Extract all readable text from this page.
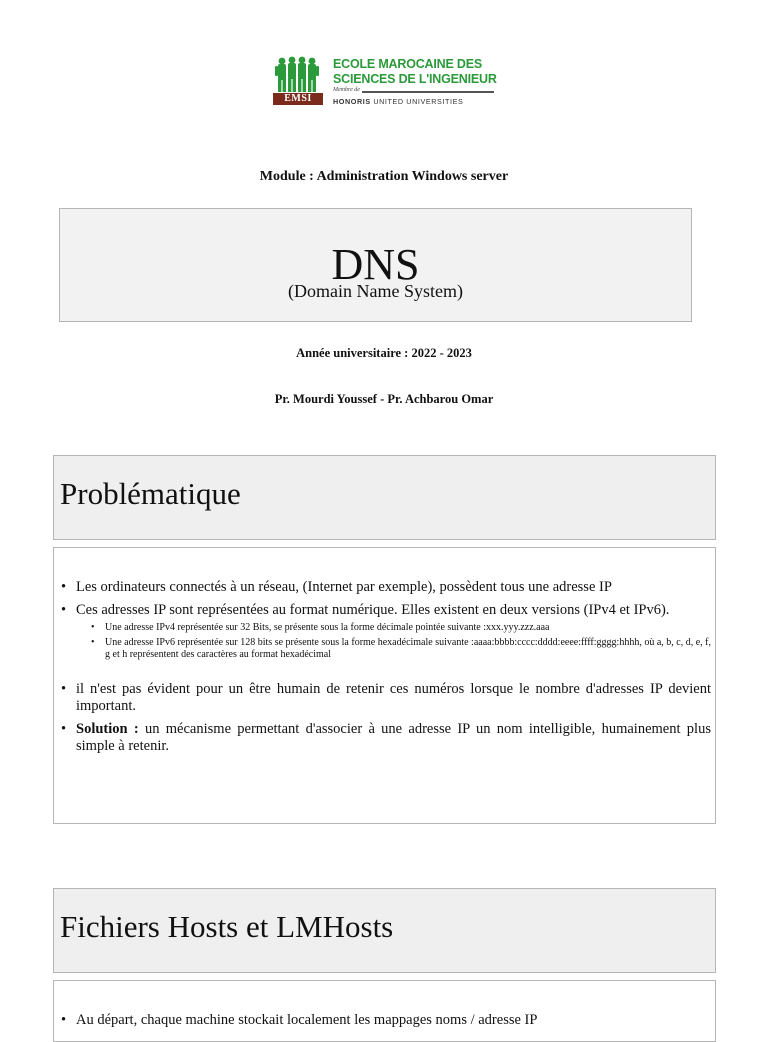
EMSI
ECOLE MAROCAINE DES
SCIENCES DE L'INGENIEUR
Membre de
HONORIS UNITED UNIVERSITIES
Module : Administration Windows server
DNS
(Domain Name System)
Année universitaire : 2022 - 2023
Pr. Mourdi Youssef - Pr. Achbarou Omar
Problématique
• Les ordinateurs connectés à un réseau, (Internet par exemple), possèdent tous une adresse IP
• Ces adresses IP sont représentées au format numérique. Elles existent en deux versions (IPv4 et IPv6).
• Une adresse IPv4 représentée sur 32 Bits, se présente sous la forme décimale pointée suivante :xxx.yyy.zzz.aaa
• Une adresse IPv6 représentée sur 128 bits se présente sous la forme hexadécimale suivante :aaaa:bbbb:cccc:dddd:eeee:ffff:gggg:hhhh, où a, b, c, d, e, f, g et h représentent des caractères au format hexadécimal
• il n'est pas évident pour un être humain de retenir ces numéros lorsque le nombre d'adresses IP devient important.
• Solution : un mécanisme permettant d'associer à une adresse IP un nom intelligible, humainement plus simple à retenir.
Fichiers Hosts et LMHosts
• Au départ, chaque machine stockait localement les mappages noms / adresse IP
